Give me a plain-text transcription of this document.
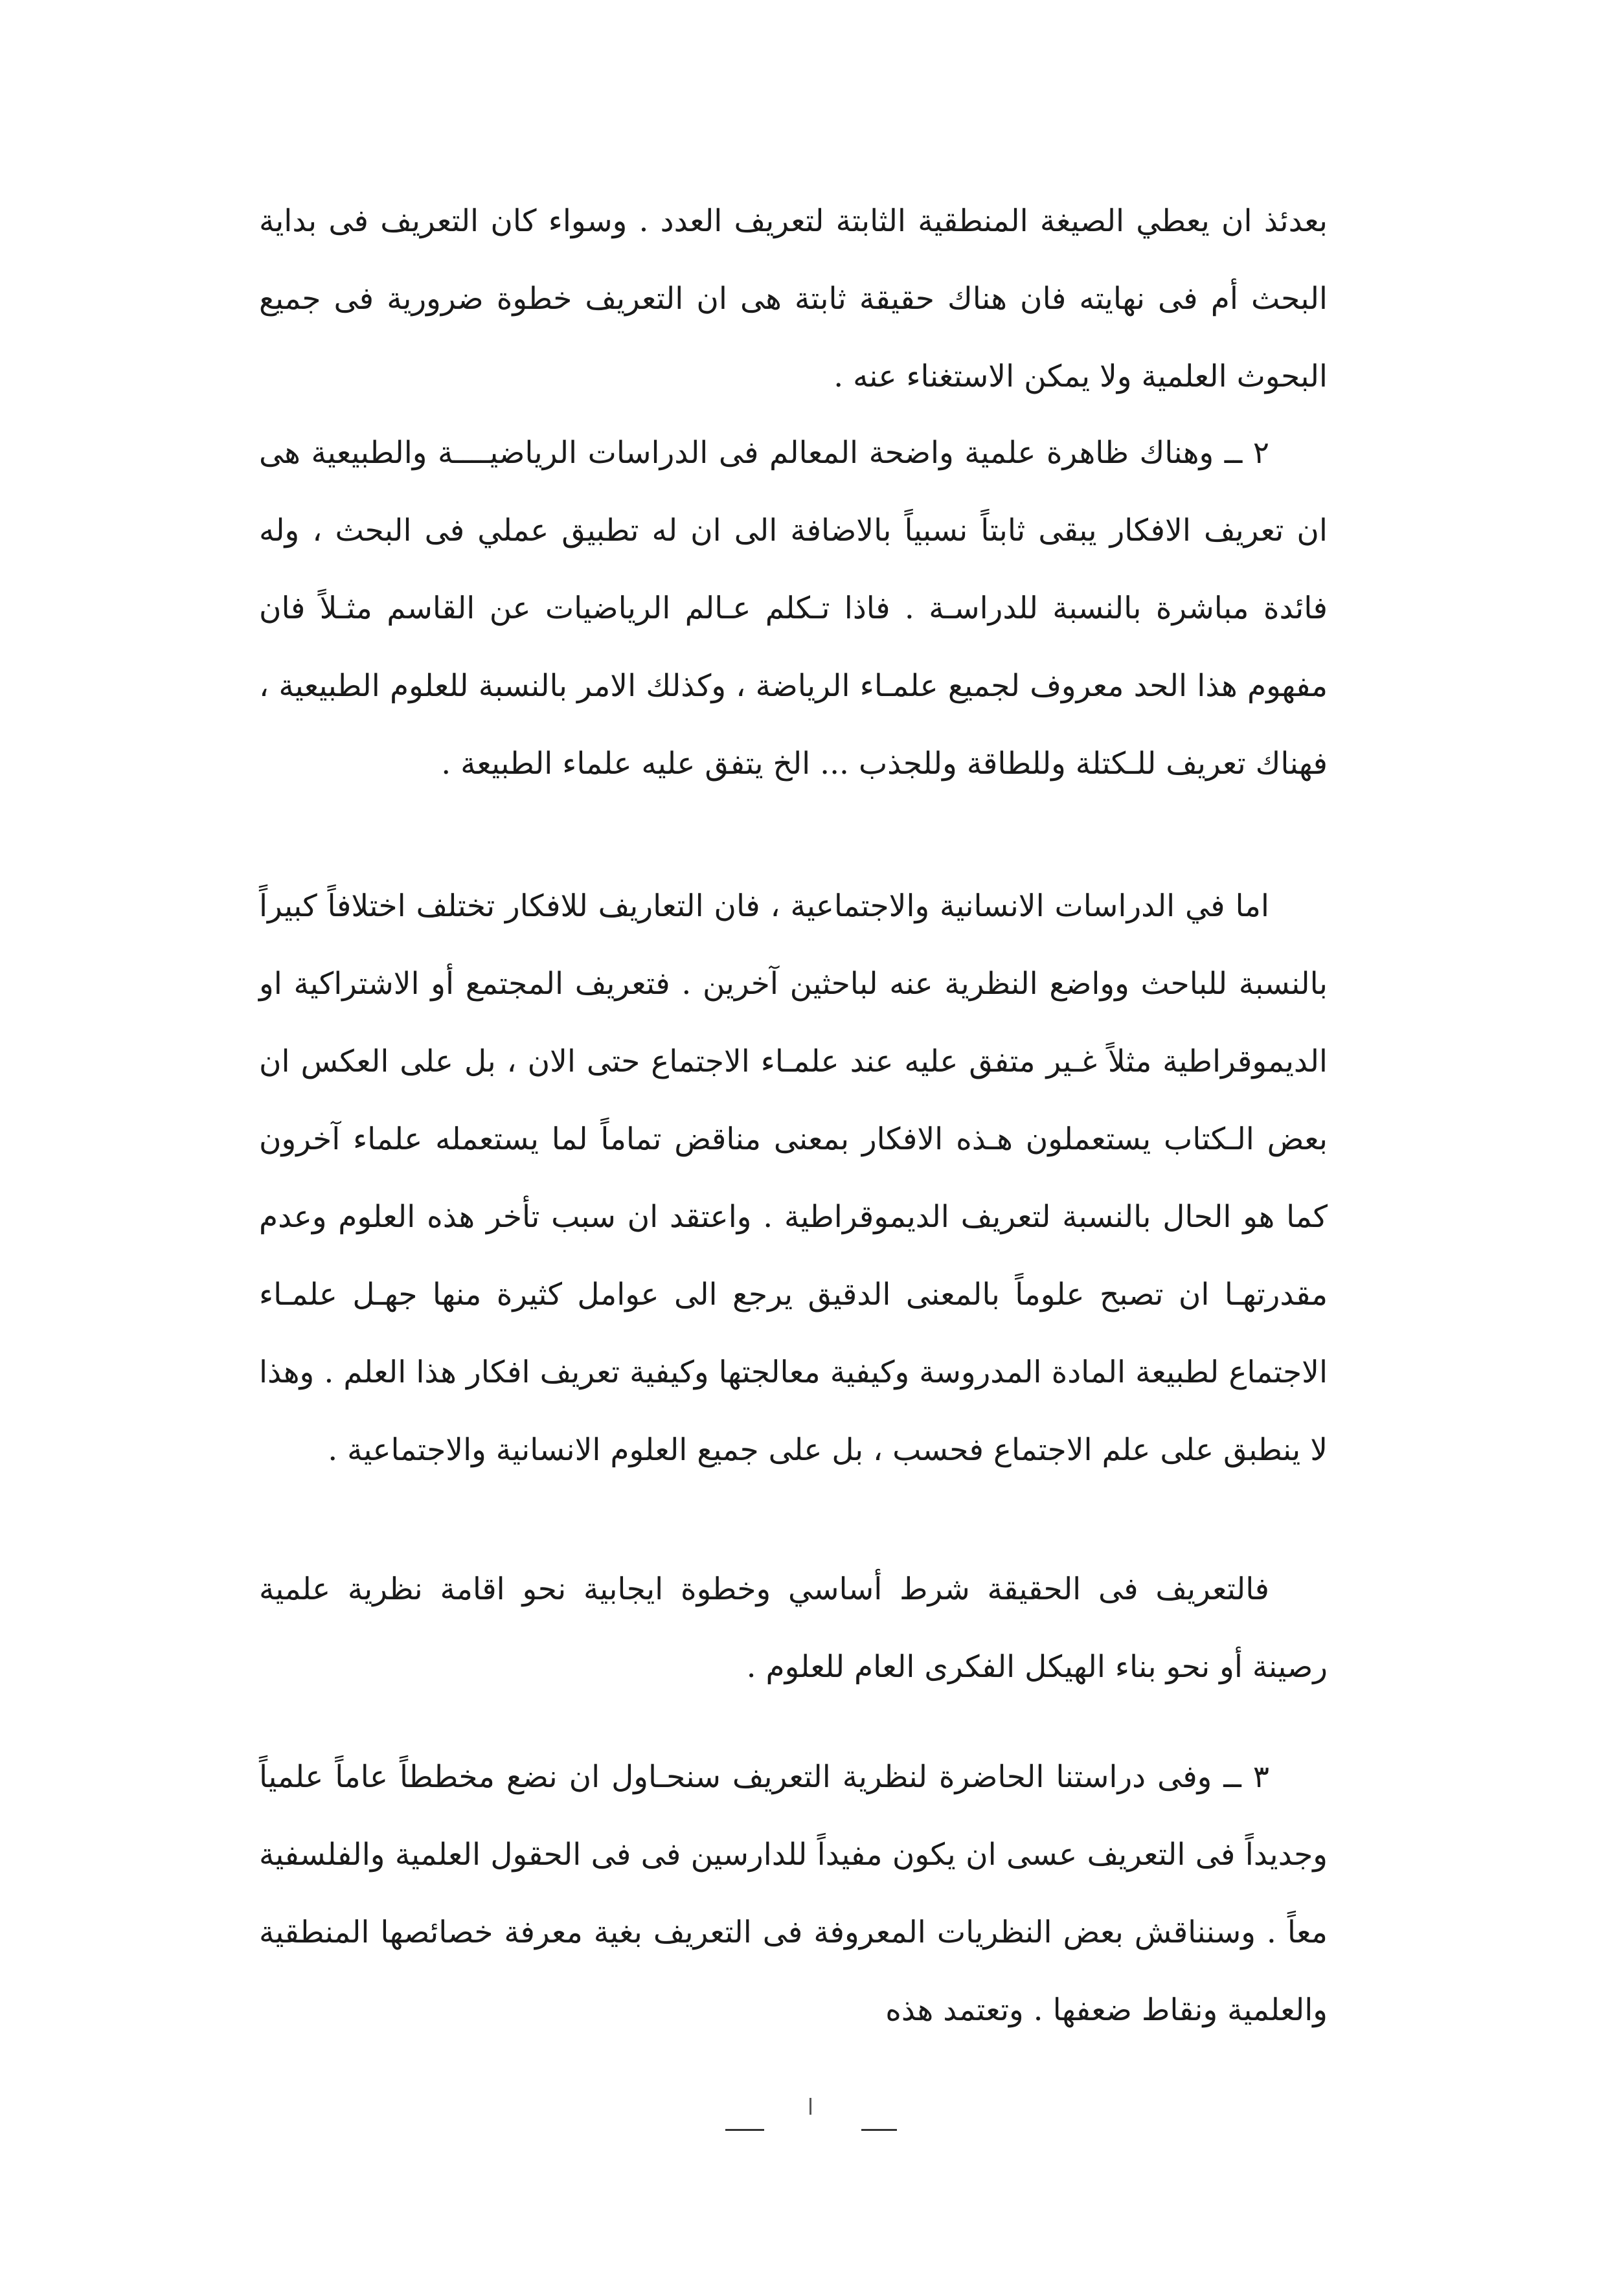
بعدئذ ان يعطي الصيغة المنطقية الثابتة لتعريف العدد . وسواء كان التعريف فى بداية البحث أم فى نهايته فان هناك حقيقة ثابتة هى ان التعريف خطوة ضرورية فى جميع البحوث العلمية ولا يمكن الاستغناء عنه .

٢ ــ وهناك ظاهرة علمية واضحة المعالم فى الدراسات الرياضيــــة والطبيعية هى ان تعريف الافكار يبقى ثابتاً نسبياً بالاضافة الى ان له تطبيق عملي فى البحث ، وله فائدة مباشرة بالنسبة للدراسـة . فاذا تـكلم عـالم الرياضيات عن القاسم مثـلاً فان مفهوم هذا الحد معروف لجميع علمـاء الرياضة ، وكذلك الامر بالنسبة للعلوم الطبيعية ، فهناك تعريف للـكتلة وللطاقة وللجذب ... الخ يتفق عليه علماء الطبيعة .

اما في الدراسات الانسانية والاجتماعية ، فان التعاريف للافكار تختلف اختلافاً كبيراً بالنسبة للباحث وواضع النظرية عنه لباحثين آخرين . فتعريف المجتمع أو الاشتراكية او الديموقراطية مثلاً غـير متفق عليه عند علمـاء الاجتماع حتى الان ، بل على العكس ان بعض الـكتاب يستعملون هـذه الافكار بمعنى مناقض تماماً لما يستعمله علماء آخرون كما هو الحال بالنسبة لتعريف الديموقراطية . واعتقد ان سبب تأخر هذه العلوم وعدم مقدرتهـا ان تصبح علوماً بالمعنى الدقيق يرجع الى عوامل كثيرة منها جهـل علمـاء الاجتماع لطبيعة المادة المدروسة وكيفية معالجتها وكيفية تعريف افكار هذا العلم . وهذا لا ينطبق على علم الاجتماع فحسب ، بل على جميع العلوم الانسانية والاجتماعية .

فالتعريف فى الحقيقة شرط أساسي وخطوة ايجابية نحو اقامة نظرية علمية رصينة أو نحو بناء الهيكل الفكرى العام للعلوم .

٣ ــ وفى دراستنا الحاضرة لنظرية التعريف سنحـاول ان نضع مخططاً عاماً علمياً وجديداً فى التعريف عسى ان يكون مفيداً للدارسين فى فى الحقول العلمية والفلسفية معاً . وسنناقش بعض النظريات المعروفة فى التعريف بغية معرفة خصائصها المنطقية والعلمية ونقاط ضعفها . وتعتمد هذه
